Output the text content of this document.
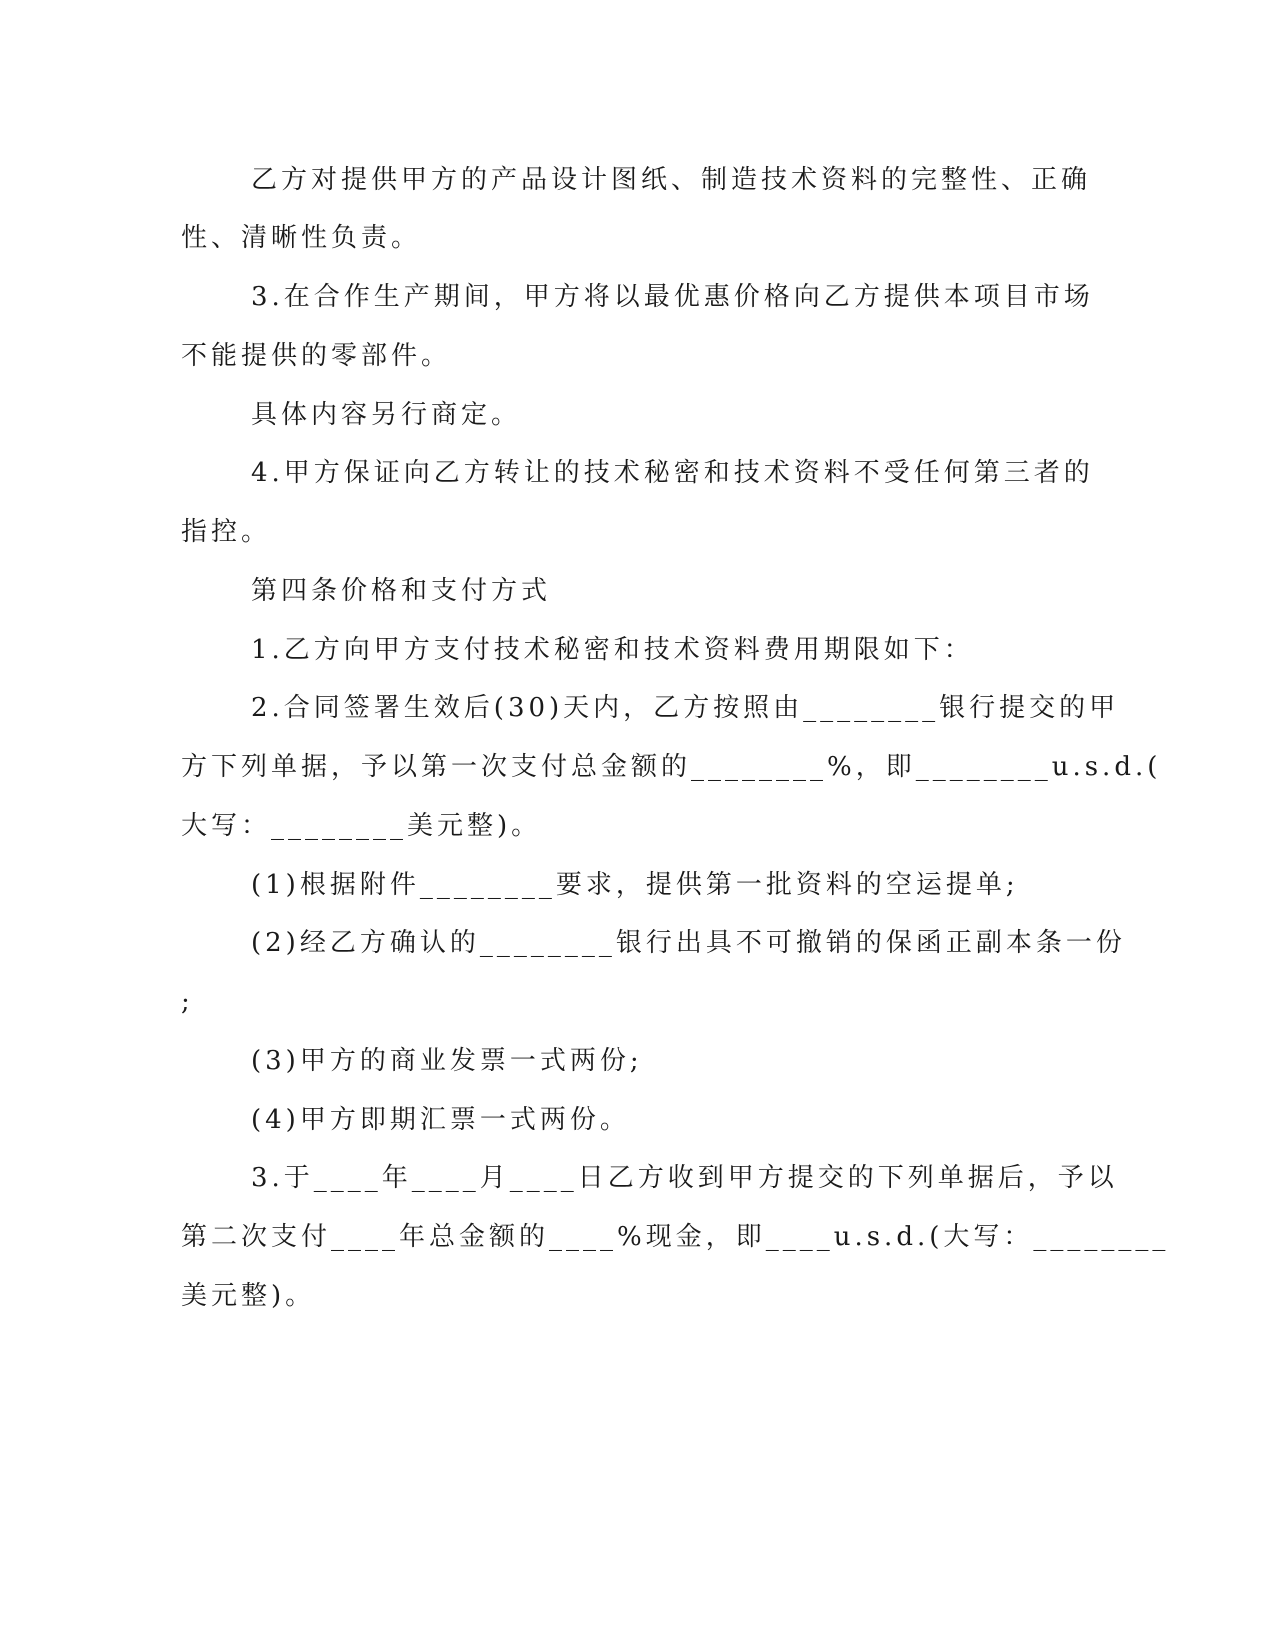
乙方对提供甲方的产品设计图纸、制造技术资料的完整性、正确
性、清晰性负责。
3.在合作生产期间，甲方将以最优惠价格向乙方提供本项目市场
不能提供的零部件。
具体内容另行商定。
4.甲方保证向乙方转让的技术秘密和技术资料不受任何第三者的
指控。
第四条价格和支付方式
1.乙方向甲方支付技术秘密和技术资料费用期限如下：
2.合同签署生效后(30)天内，乙方按照由________银行提交的甲
方下列单据，予以第一次支付总金额的________%，即________u.s.d.(
大写：________美元整)。
(1)根据附件________要求，提供第一批资料的空运提单;
(2)经乙方确认的________银行出具不可撤销的保函正副本条一份
;
(3)甲方的商业发票一式两份;
(4)甲方即期汇票一式两份。
3.于____年____月____日乙方收到甲方提交的下列单据后，予以
第二次支付____年总金额的____%现金，即____u.s.d.(大写：________
美元整)。
